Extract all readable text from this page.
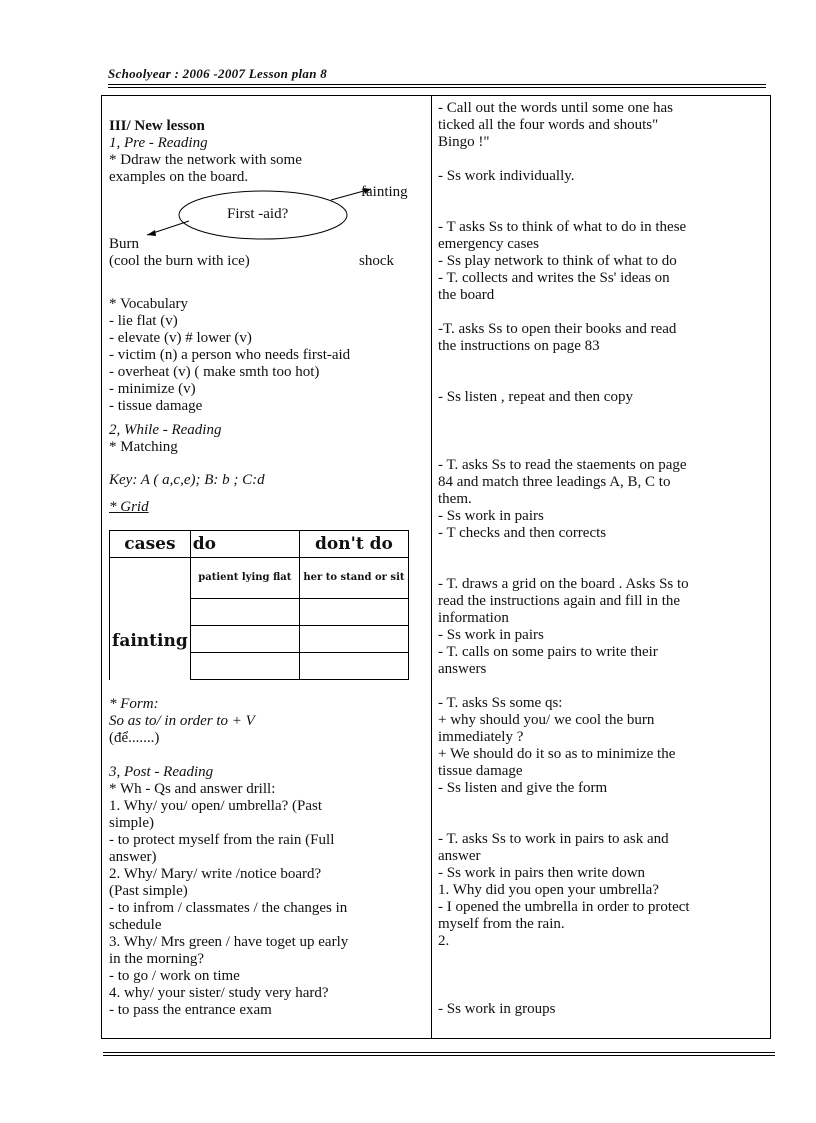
Schoolyear : 2006 -2007 Lesson plan 8
III/ New lesson
1, Pre - Reading
* Ddraw the network with some
examples on the board.
First -aid?
fainting
Burn
(cool the burn with ice)	shock
* Vocabulary
- lie flat (v)
- elevate (v) # lower (v)
- victim (n) a person who needs first-aid
- overheat (v) ( make smth too hot)
- minimize (v)
- tissue damage
2, While - Reading
* Matching
Key: A ( a,c,e); B: b ; C:d
* Grid
cases	do	don't do
fainting	patient lying flat	her to stand or sit

* Form:
So as to/ in order to + V
(để.......)
3, Post - Reading
* Wh - Qs and answer drill:
1. Why/ you/ open/ umbrella? (Past
simple)
- to protect myself from the rain (Full
answer)
2. Why/ Mary/ write /notice board?
(Past simple)
- to infrom / classmates / the changes in
schedule
3. Why/ Mrs green / have toget up early
in the morning?
- to go / work on time
4. why/ your sister/ study very hard?
- to pass the entrance exam
- Call out the words until some one has
ticked all the four words and shouts"
Bingo !"
- Ss work individually.
- T asks Ss to think of what to do in these
emergency cases
- Ss play network to think of what to do
- T. collects and writes the Ss' ideas on
the board
-T. asks Ss to open their books and read
the instructions on page 83
- Ss listen , repeat and then copy
- T. asks Ss to read the staements on page
84 and match three leadings A, B, C to
them.
- Ss work in pairs
- T checks and then corrects
- T. draws a grid on the board . Asks Ss to
read the instructions again and fill in the
information
- Ss work in pairs
- T. calls on some pairs to write their
answers
- T. asks Ss some qs:
+ why should you/ we cool the burn
immediately ?
+ We should do it so as to minimize the
tissue damage
- Ss listen and give the form
- T. asks Ss to work in pairs to ask and
answer
- Ss work in pairs then write down
1. Why did you open your umbrella?
- I opened the umbrella in order to protect
myself from the rain.
2.
- Ss work in groups
